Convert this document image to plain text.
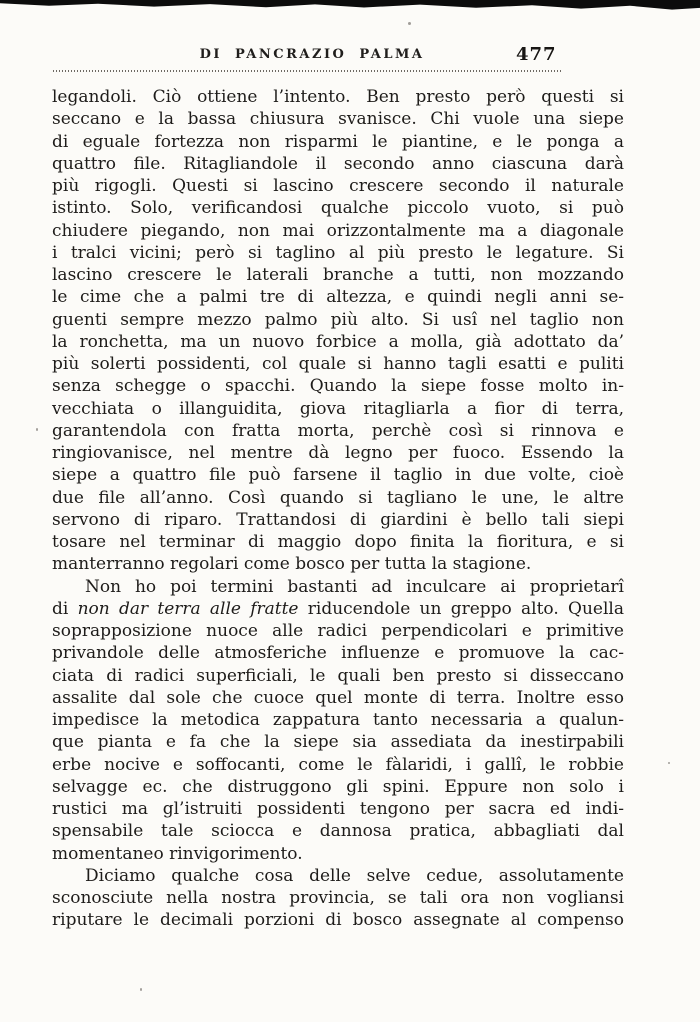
DI PANCRAZIO PALMA	477
legandoli. Ciò ottiene l’intento. Ben presto però questi si
seccano e la bassa chiusura svanisce. Chi vuole una siepe
di eguale fortezza non risparmi le piantine, e le ponga a
quattro file. Ritagliandole il secondo anno ciascuna darà
più rigogli. Questi si lascino crescere secondo il naturale
istinto. Solo, verificandosi qualche piccolo vuoto, si può
chiudere piegando, non mai orizzontalmente ma a diagonale
i tralci vicini; però si taglino al più presto le legature. Si
lascino crescere le laterali branche a tutti, non mozzando
le cime che a palmi tre di altezza, e quindi negli anni se-
guenti sempre mezzo palmo più alto. Si usî nel taglio non
la ronchetta, ma un nuovo forbice a molla, già adottato da’
più solerti possidenti, col quale si hanno tagli esatti e puliti
senza schegge o spacchi. Quando la siepe fosse molto in-
vecchiata o illanguidita, giova ritagliarla a fior di terra,
garantendola con fratta morta, perchè così si rinnova e
ringiovanisce, nel mentre dà legno per fuoco. Essendo la
siepe a quattro file può farsene il taglio in due volte, cioè
due file all’anno. Così quando si tagliano le une, le altre
servono di riparo. Trattandosi di giardini è bello tali siepi
tosare nel terminar di maggio dopo finita la fioritura, e si
manterranno regolari come bosco per tutta la stagione.
Non ho poi termini bastanti ad inculcare ai proprietarî
di non dar terra alle fratte riducendole un greppo alto. Quella
soprapposizione nuoce alle radici perpendicolari e primitive
privandole delle atmosferiche influenze e promuove la cac-
ciata di radici superficiali, le quali ben presto si disseccano
assalite dal sole che cuoce quel monte di terra. Inoltre esso
impedisce la metodica zappatura tanto necessaria a qualun-
que pianta e fa che la siepe sia assediata da inestirpabili
erbe nocive e soffocanti, come le fàlaridi, i gallî, le robbie
selvagge ec. che distruggono gli spini. Eppure non solo i
rustici ma gl’istruiti possidenti tengono per sacra ed indi-
spensabile tale sciocca e dannosa pratica, abbagliati dal
momentaneo rinvigorimento.
Diciamo qualche cosa delle selve cedue, assolutamente
sconosciute nella nostra provincia, se tali ora non vogliansi
riputare le decimali porzioni di bosco assegnate al compenso
